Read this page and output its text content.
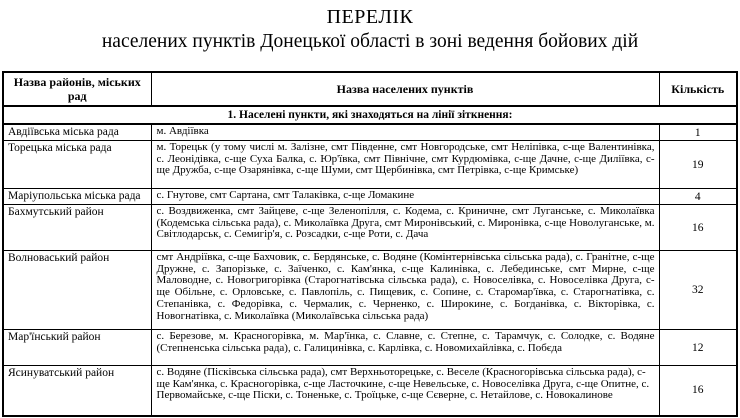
ПЕРЕЛІК
населених пунктів Донецької області в зоні ведення бойових дій
Назва районів, міських рад	Назва населених пунктів	Кількість
1. Населені пункти, які знаходяться на лінії зіткнення:		
Авдіївська міська рада	м. Авдіївка	1
Торецька міська рада	м. Торецьк (у тому числі м. Залізне, смт Південне, смт Новгородське, смт Неліпівка, с-ще Валентинівка, с. Леонідівка, с-ще Суха Балка, с. Юр'ївка, смт Північне, смт Курдюмівка, с-ще Дачне, с-ще Диліївка, с-ще Дружба, с-ще Озарянівка, с-ще Шуми, смт Щербинівка, смт Петрівка, с-ще Кримське)	19
Маріупольська міська рада	с. Гнутове, смт Сартана, смт Талаківка, с-ще Ломакине	4
Бахмутський район	с. Воздвиженка, смт Зайцеве, с-ще Зеленопілля, с. Кодема, с. Криничне, смт Луганське, с. Миколаївка (Кодемська сільська рада), с. Миколаївка Друга, смт Миронівський, с. Миронівка, с-ще Новолуганське, м. Світлодарськ, с. Семигір'я, с. Розсадки, с-ще Роти, с. Дача	16
Волноваський район	смт Андріївка, с-ще Бахчовик, с. Бердянське, с. Водяне (Комінтернівська сільська рада), с. Гранітне, с-ще Дружне, с. Запорізьке, с. Заїченко, с. Кам'янка, с-ще Калинівка, с. Лебединське, смт Мирне, с-ще Маловодне, с. Новогригорівка (Старогнатівська сільська рада), с. Новоселівка, с. Новоселівка Друга, с-ще Обільне, с. Орловське, с. Павлопіль, с. Пищевик, с. Сопине, с. Старомар'ївка, с. Старогнатівка, с. Степанівка, с. Федорівка, с. Чермалик, с. Черненко, с. Широкине, с. Богданівка, с. Вікторівка, с. Новогнатівка, с. Миколаївка (Миколаївська сільська рада)	32
Мар'їнський район	с. Березове, м. Красногорівка, м. Мар'їнка, с. Славне, с. Степне, с. Тарамчук, с. Солодке, с. Водяне (Степненська сільська рада), с. Галицинівка, с. Карлівка, с. Новомихайлівка, с. Побєда	12
Ясинуватський район	с. Водяне (Пісківська сільська рада), смт Верхньоторецьке, с. Веселе (Красногорівська сільська рада), с-ще Кам'янка, с. Красногорівка, с-ще Ласточкине, с-ще Невельське, с. Новоселівка Друга, с-ще Опитне, с. Первомайське, с-ще Піски, с. Тоненьке, с. Троїцьке, с-ще Сєверне, с. Нетайлове, с. Новокалинове	16
